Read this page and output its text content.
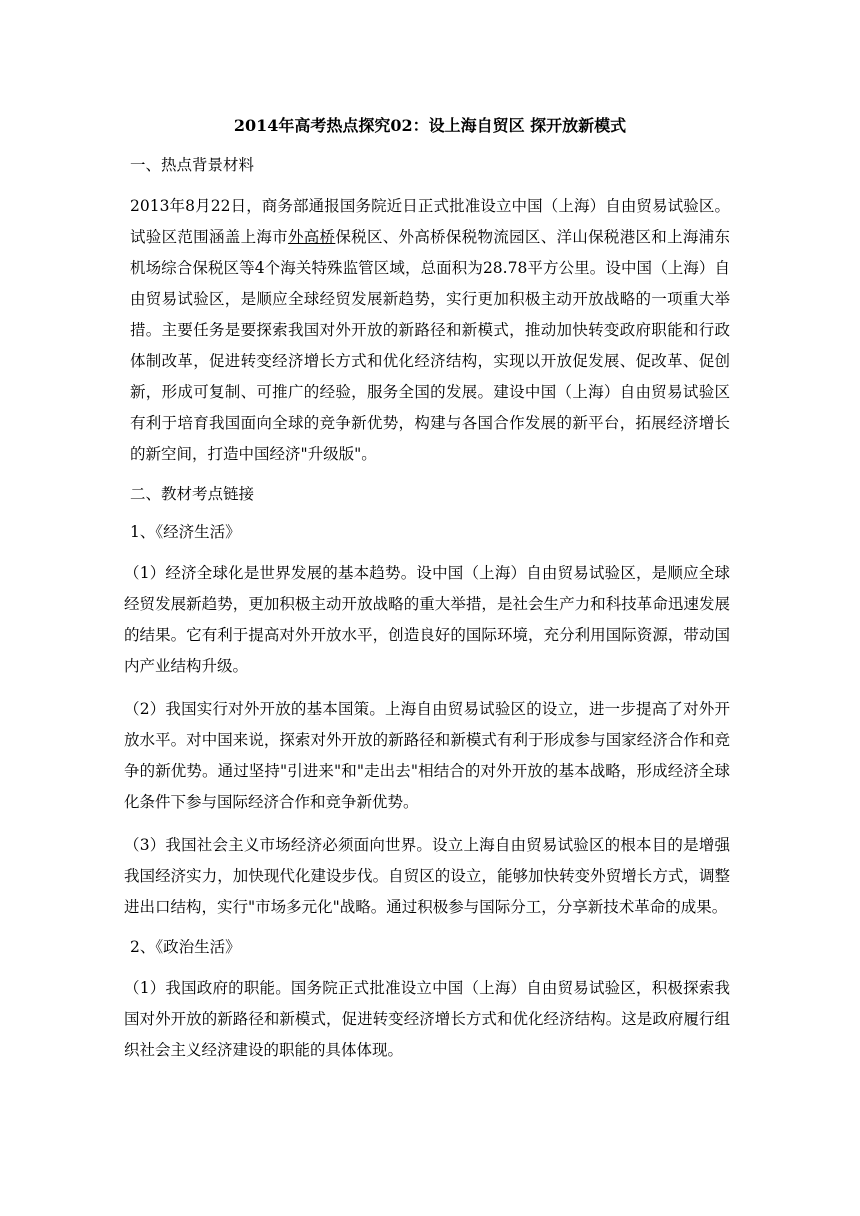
2014年高考热点探究02：设上海自贸区 探开放新模式

一、热点背景材料

2013年8月22日，商务部通报国务院近日正式批准设立中国（上海）自由贸易试验区。试验区范围涵盖上海市外高桥保税区、外高桥保税物流园区、洋山保税港区和上海浦东机场综合保税区等4个海关特殊监管区域，总面积为28.78平方公里。设中国（上海）自由贸易试验区，是顺应全球经贸发展新趋势，实行更加积极主动开放战略的一项重大举措。主要任务是要探索我国对外开放的新路径和新模式，推动加快转变政府职能和行政体制改革，促进转变经济增长方式和优化经济结构，实现以开放促发展、促改革、促创新，形成可复制、可推广的经验，服务全国的发展。建设中国（上海）自由贸易试验区有利于培育我国面向全球的竞争新优势，构建与各国合作发展的新平台，拓展经济增长的新空间，打造中国经济"升级版"。

二、教材考点链接

1、《经济生活》

（1）经济全球化是世界发展的基本趋势。设中国（上海）自由贸易试验区，是顺应全球经贸发展新趋势，更加积极主动开放战略的重大举措，是社会生产力和科技革命迅速发展的结果。它有利于提高对外开放水平，创造良好的国际环境，充分利用国际资源，带动国内产业结构升级。

（2）我国实行对外开放的基本国策。上海自由贸易试验区的设立，进一步提高了对外开放水平。对中国来说，探索对外开放的新路径和新模式有利于形成参与国家经济合作和竞争的新优势。通过坚持"引进来"和"走出去"相结合的对外开放的基本战略，形成经济全球化条件下参与国际经济合作和竞争新优势。

（3）我国社会主义市场经济必须面向世界。设立上海自由贸易试验区的根本目的是增强我国经济实力，加快现代化建设步伐。自贸区的设立，能够加快转变外贸增长方式，调整进出口结构，实行"市场多元化"战略。通过积极参与国际分工，分享新技术革命的成果。

2、《政治生活》

（1）我国政府的职能。国务院正式批准设立中国（上海）自由贸易试验区，积极探索我国对外开放的新路径和新模式，促进转变经济增长方式和优化经济结构。这是政府履行组织社会主义经济建设的职能的具体体现。
